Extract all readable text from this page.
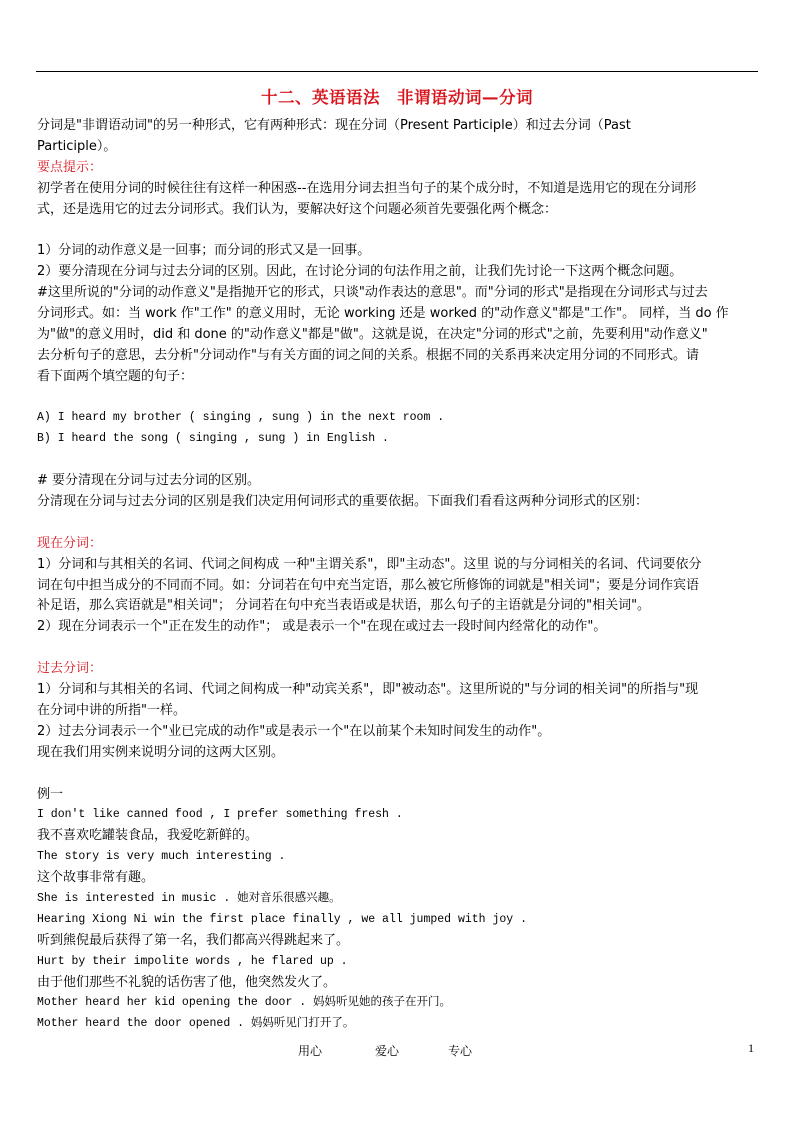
十二、英语语法　非谓语动词—分词
分词是"非谓语动词"的另一种形式，它有两种形式：现在分词（Present Participle）和过去分词（Past
Participle）。
要点提示：
初学者在使用分词的时候往往有这样一种困惑--在选用分词去担当句子的某个成分时，不知道是选用它的现在分词形
式，还是选用它的过去分词形式。我们认为，要解决好这个问题必须首先要强化两个概念：
1）分词的动作意义是一回事；而分词的形式又是一回事。
2）要分清现在分词与过去分词的区别。因此，在讨论分词的句法作用之前，让我们先讨论一下这两个概念问题。
#这里所说的"分词的动作意义"是指抛开它的形式，只谈"动作表达的意思"。而"分词的形式"是指现在分词形式与过去
分词形式。如：当 work 作"工作" 的意义用时，无论 working 还是 worked 的"动作意义"都是"工作"。 同样，当 do 作
为"做"的意义用时，did 和 done 的"动作意义"都是"做"。这就是说，在决定"分词的形式"之前，先要利用"动作意义"
去分析句子的意思，去分析"分词动作"与有关方面的词之间的关系。根据不同的关系再来决定用分词的不同形式。请
看下面两个填空题的句子：
A) I heard my brother ( singing , sung ) in the next room .
B) I heard the song ( singing , sung ) in English .
# 要分清现在分词与过去分词的区别。
分清现在分词与过去分词的区别是我们决定用何词形式的重要依据。下面我们看看这两种分词形式的区别：
现在分词：
1）分词和与其相关的名词、代词之间构成 一种"主谓关系"，即"主动态"。这里 说的与分词相关的名词、代词要依分
词在句中担当成分的不同而不同。如：分词若在句中充当定语，那么被它所修饰的词就是"相关词"；要是分词作宾语
补足语，那么宾语就是"相关词"； 分词若在句中充当表语或是状语，那么句子的主语就是分词的"相关词"。
2）现在分词表示一个"正在发生的动作"； 或是表示一个"在现在或过去一段时间内经常化的动作"。
过去分词：
1）分词和与其相关的名词、代词之间构成一种"动宾关系"，即"被动态"。这里所说的"与分词的相关词"的所指与"现
在分词中讲的所指"一样。
2）过去分词表示一个"业已完成的动作"或是表示一个"在以前某个未知时间发生的动作"。
现在我们用实例来说明分词的这两大区别。
例一
I don't like canned food , I prefer something fresh .
我不喜欢吃罐装食品，我爱吃新鲜的。
The story is very much interesting .
这个故事非常有趣。
She is interested in music . 她对音乐很感兴趣。
Hearing Xiong Ni win the first place finally , we all jumped with joy .
听到熊倪最后获得了第一名，我们都高兴得跳起来了。
Hurt by their impolite words , he flared up .
由于他们那些不礼貌的话伤害了他，他突然发火了。
Mother heard her kid opening the door . 妈妈听见她的孩子在开门。
Mother heard the door opened . 妈妈听见门打开了。
用心	爱心	专心	1
